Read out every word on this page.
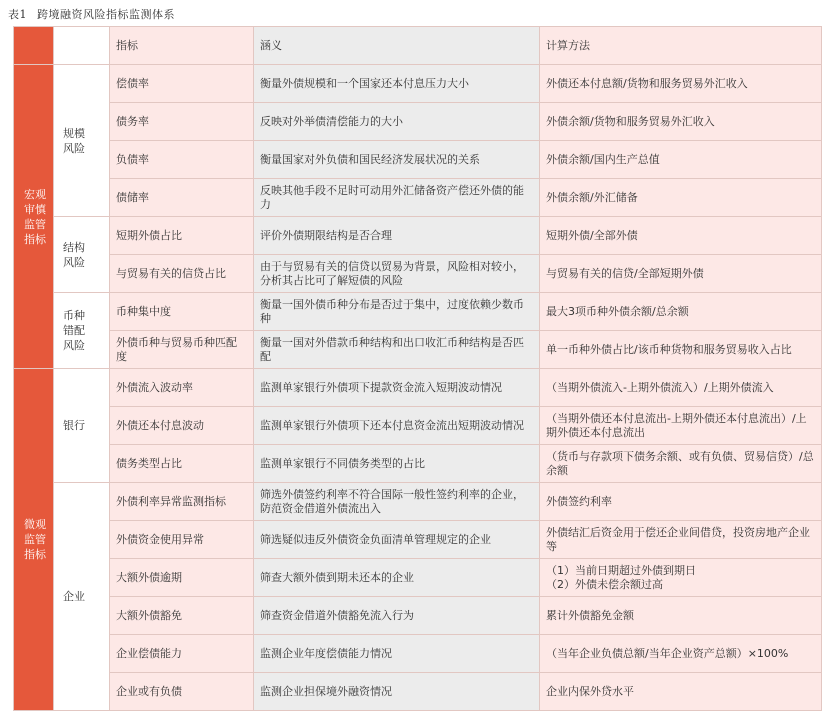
表1 跨境融资风险指标监测体系
		指标	涵义	计算方法
宏观审慎监管指标	规模风险	偿债率	衡量外债规模和一个国家还本付息压力大小	外债还本付息额/货物和服务贸易外汇收入
		债务率	反映对外举债清偿能力的大小	外债余额/货物和服务贸易外汇收入
		负债率	衡量国家对外负债和国民经济发展状况的关系	外债余额/国内生产总值
		债储率	反映其他手段不足时可动用外汇储备资产偿还外债的能力	外债余额/外汇储备
	结构风险	短期外债占比	评价外债期限结构是否合理	短期外债/全部外债
		与贸易有关的信贷占比	由于与贸易有关的信贷以贸易为背景，风险相对较小，分析其占比可了解短债的风险	与贸易有关的信贷/全部短期外债
	币种错配风险	币种集中度	衡量一国外债币种分布是否过于集中，过度依赖少数币种	最大3项币种外债余额/总余额
		外债币种与贸易币种匹配度	衡量一国对外借款币种结构和出口收汇币种结构是否匹配	单一币种外债占比/该币种货物和服务贸易收入占比
微观监管指标	银行	外债流入波动率	监测单家银行外债项下提款资金流入短期波动情况	（当期外债流入-上期外债流入）/上期外债流入
		外债还本付息波动	监测单家银行外债项下还本付息资金流出短期波动情况	（当期外债还本付息流出-上期外债还本付息流出）/上期外债还本付息流出
		债务类型占比	监测单家银行不同债务类型的占比	（货币与存款项下债务余额、或有负债、贸易信贷）/总余额
	企业	外债利率异常监测指标	筛选外债签约利率不符合国际一般性签约利率的企业，防范资金借道外债流出入	外债签约利率
		外债资金使用异常	筛选疑似违反外债资金负面清单管理规定的企业	外债结汇后资金用于偿还企业间借贷，投资房地产企业等
		大额外债逾期	筛查大额外债到期未还本的企业	（1）当前日期超过外债到期日
（2）外债未偿余额过高

		大额外债豁免	筛查资金借道外债豁免流入行为	累计外债豁免金额
		企业偿债能力	监测企业年度偿债能力情况	（当年企业负债总额/当年企业资产总额）×100%
		企业或有负债	监测企业担保境外融资情况	企业内保外贷水平
